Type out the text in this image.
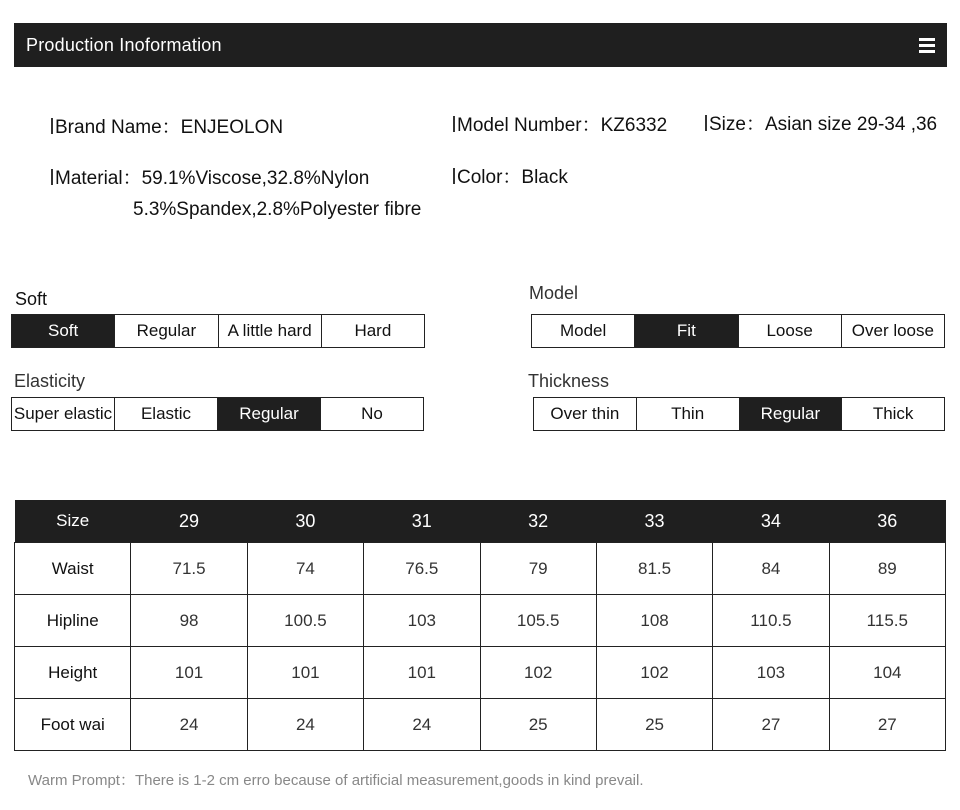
Production Inoformation
Brand Name：ENJEOLON	Model Number：KZ6332 Size：Asian size 29-34 ,36
Material：59.1%Viscose,32.8%Nylon
5.3%Spandex,2.8%Polyester fibre
Color：Black
Soft
Soft	Regular	A little hard	Hard
Model
Model	Fit	Loose	Over loose
Elasticity
Super elastic	Elastic	Regular	No
Thickness
Over thin	Thin	Regular	Thick
Size	29	30	31	32	33	34	36
Waist	71.5	74	76.5	79	81.5	84	89
Hipline	98	100.5	103	105.5	108	110.5	115.5
Height	101	101	101	102	102	103	104
Foot wai	24	24	24	25	25	27	27
Warm Prompt：There is 1-2 cm erro because of artificial measurement,goods in kind prevail.
